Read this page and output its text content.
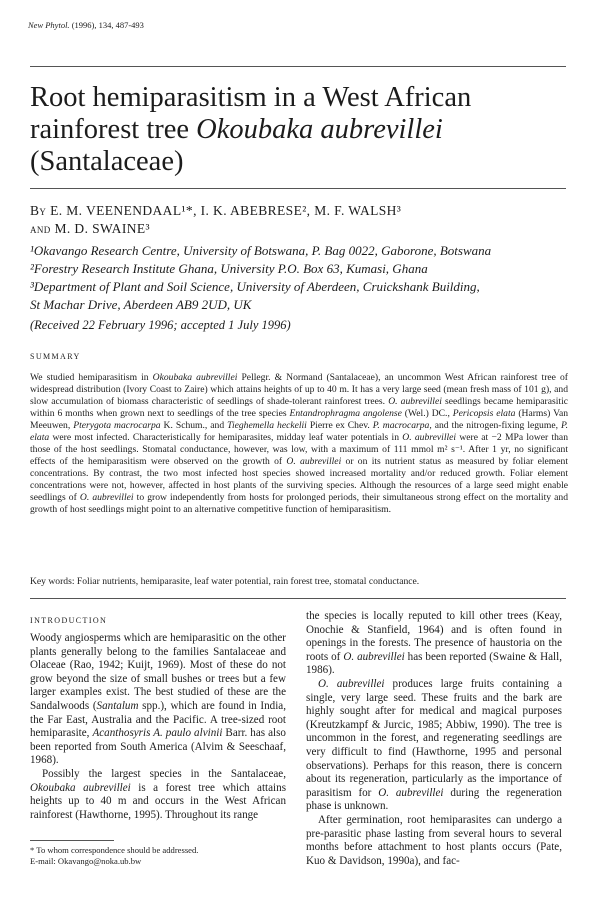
New Phytol. (1996), 134, 487-493
Root hemiparasitism in a West African
rainforest tree Okoubaka aubrevillei
(Santalaceae)
By E. M. VEENENDAAL¹*, I. K. ABEBRESE², M. F. WALSH³
and M. D. SWAINE³
¹Okavango Research Centre, University of Botswana, P. Bag 0022, Gaborone, Botswana
²Forestry Research Institute Ghana, University P.O. Box 63, Kumasi, Ghana
³Department of Plant and Soil Science, University of Aberdeen, Cruickshank Building,
St Machar Drive, Aberdeen AB9 2UD, UK
(Received 22 February 1996; accepted 1 July 1996)
SUMMARY
We studied hemiparasitism in Okoubaka aubrevillei Pellegr. & Normand (Santalaceae), an uncommon West African rainforest tree of widespread distribution (Ivory Coast to Zaire) which attains heights of up to 40 m. It has a very large seed (mean fresh mass of 101 g), and slow accumulation of biomass characteristic of seedlings of shade-tolerant rainforest trees. O. aubrevillei seedlings became hemiparasitic within 6 months when grown next to seedlings of the tree species Entandrophragma angolense (Wel.) DC., Pericopsis elata (Harms) Van Meeuwen, Pterygota macrocarpa K. Schum., and Tieghemella heckelii Pierre ex Chev. P. macrocarpa, and the nitrogen-fixing legume, P. elata were most infected. Characteristically for hemiparasites, midday leaf water potentials in O. aubrevillei were at −2 MPa lower than those of the host seedlings. Stomatal conductance, however, was low, with a maximum of 111 mmol m² s⁻¹. After 1 yr, no significant effects of the hemiparasitism were observed on the growth of O. aubrevillei or on its nutrient status as measured by foliar element concentrations. By contrast, the two most infected host species showed increased mortality and/or reduced growth. Foliar element concentrations were not, however, affected in host plants of the surviving species. Although the resources of a large seed might enable seedlings of O. aubrevillei to grow independently from hosts for prolonged periods, their simultaneous strong effect on the mortality and growth of host seedlings might point to an alternative competitive function of hemiparasitism.
Key words: Foliar nutrients, hemiparasite, leaf water potential, rain forest tree, stomatal conductance.
INTRODUCTION

Woody angiosperms which are hemiparasitic on the other plants generally belong to the families Santalaceae and Olaceae (Rao, 1942; Kuijt, 1969). Most of these do not grow beyond the size of small bushes or trees but a few larger examples exist. The best studied of these are the Sandalwoods (Santalum spp.), which are found in India, the Far East, Australia and the Pacific. A tree-sized root hemiparasite, Acanthosyris A. paulo alvinii Barr. has also been reported from South America (Alvim & Seeschaaf, 1968).

Possibly the largest species in the Santalaceae, Okoubaka aubrevillei is a forest tree which attains heights up to 40 m and occurs in the West African rainforest (Hawthorne, 1995). Throughout its range

the species is locally reputed to kill other trees (Keay, Onochie & Stanfield, 1964) and is often found in openings in the forests. The presence of haustoria on the roots of O. aubrevillei has been reported (Swaine & Hall, 1986).

O. aubrevillei produces large fruits containing a single, very large seed. These fruits and the bark are highly sought after for medical and magical purposes (Kreutzkampf & Jurcic, 1985; Abbiw, 1990). The tree is uncommon in the forest, and regenerating seedlings are very difficult to find (Hawthorne, 1995 and personal observations). Perhaps for this reason, there is concern about its regeneration, particularly as the importance of parasitism for O. aubrevillei during the regeneration phase is unknown.

After germination, root hemiparasites can undergo a pre-parasitic phase lasting from several hours to several months before attachment to host plants occurs (Pate, Kuo & Davidson, 1990a), and fac-

* To whom correspondence should be addressed.
E-mail: Okavango@noka.ub.bw
